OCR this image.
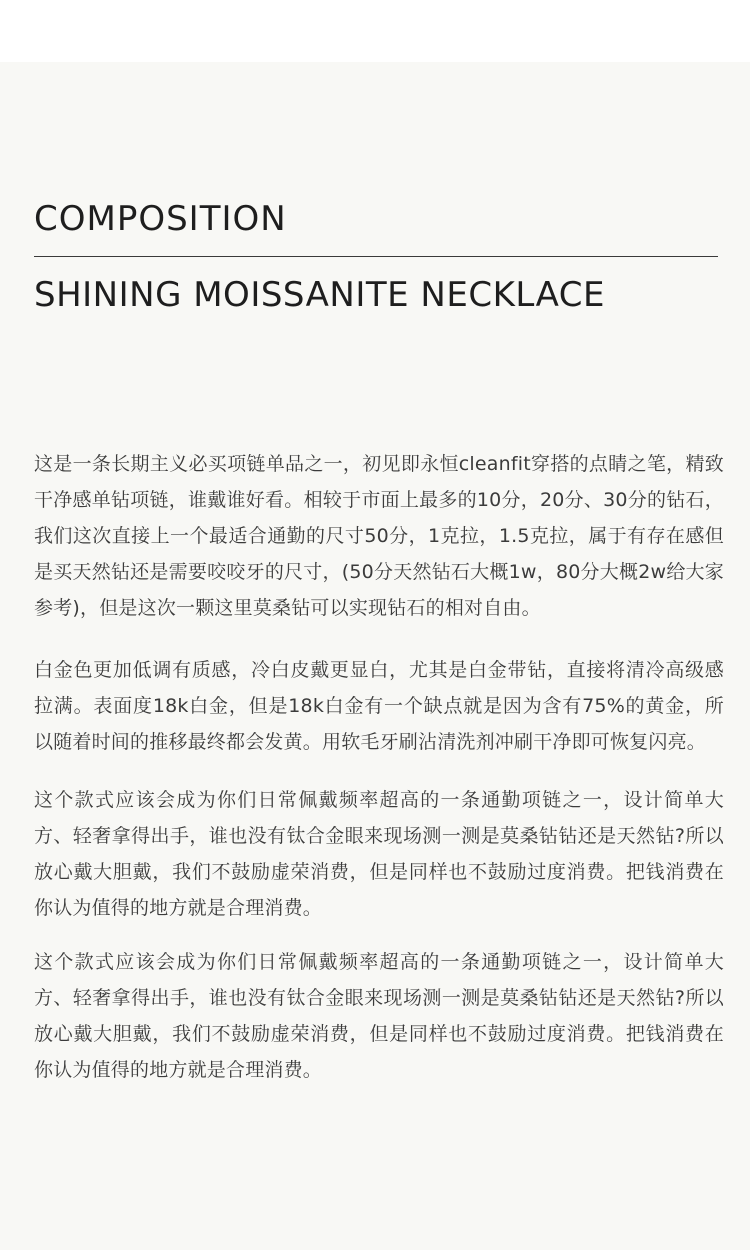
COMPOSITION
SHINING MOISSANITE NECKLACE

这是一条长期主义必买项链单品之一，初见即永恒cleanfit穿搭的点睛之笔，精致干净感单钻项链，谁戴谁好看。相较于市面上最多的10分，20分、30分的钻石，我们这次直接上一个最适合通勤的尺寸50分，1克拉，1.5克拉，属于有存在感但是买天然钻还是需要咬咬牙的尺寸，(50分天然钻石大概1w，80分大概2w给大家参考)，但是这次一颗这里莫桑钻可以实现钻石的相对自由。

白金色更加低调有质感，冷白皮戴更显白，尤其是白金带钻，直接将清冷高级感拉满。表面度18k白金，但是18k白金有一个缺点就是因为含有75%的黄金，所以随着时间的推移最终都会发黄。用软毛牙刷沾清洗剂冲刷干净即可恢复闪亮。

这个款式应该会成为你们日常佩戴频率超高的一条通勤项链之一，设计简单大方、轻奢拿得出手，谁也没有钛合金眼来现场测一测是莫桑钻钻还是天然钻?所以放心戴大胆戴，我们不鼓励虚荣消费，但是同样也不鼓励过度消费。把钱消费在你认为值得的地方就是合理消费。

这个款式应该会成为你们日常佩戴频率超高的一条通勤项链之一，设计简单大方、轻奢拿得出手，谁也没有钛合金眼来现场测一测是莫桑钻钻还是天然钻?所以放心戴大胆戴，我们不鼓励虚荣消费，但是同样也不鼓励过度消费。把钱消费在你认为值得的地方就是合理消费。
